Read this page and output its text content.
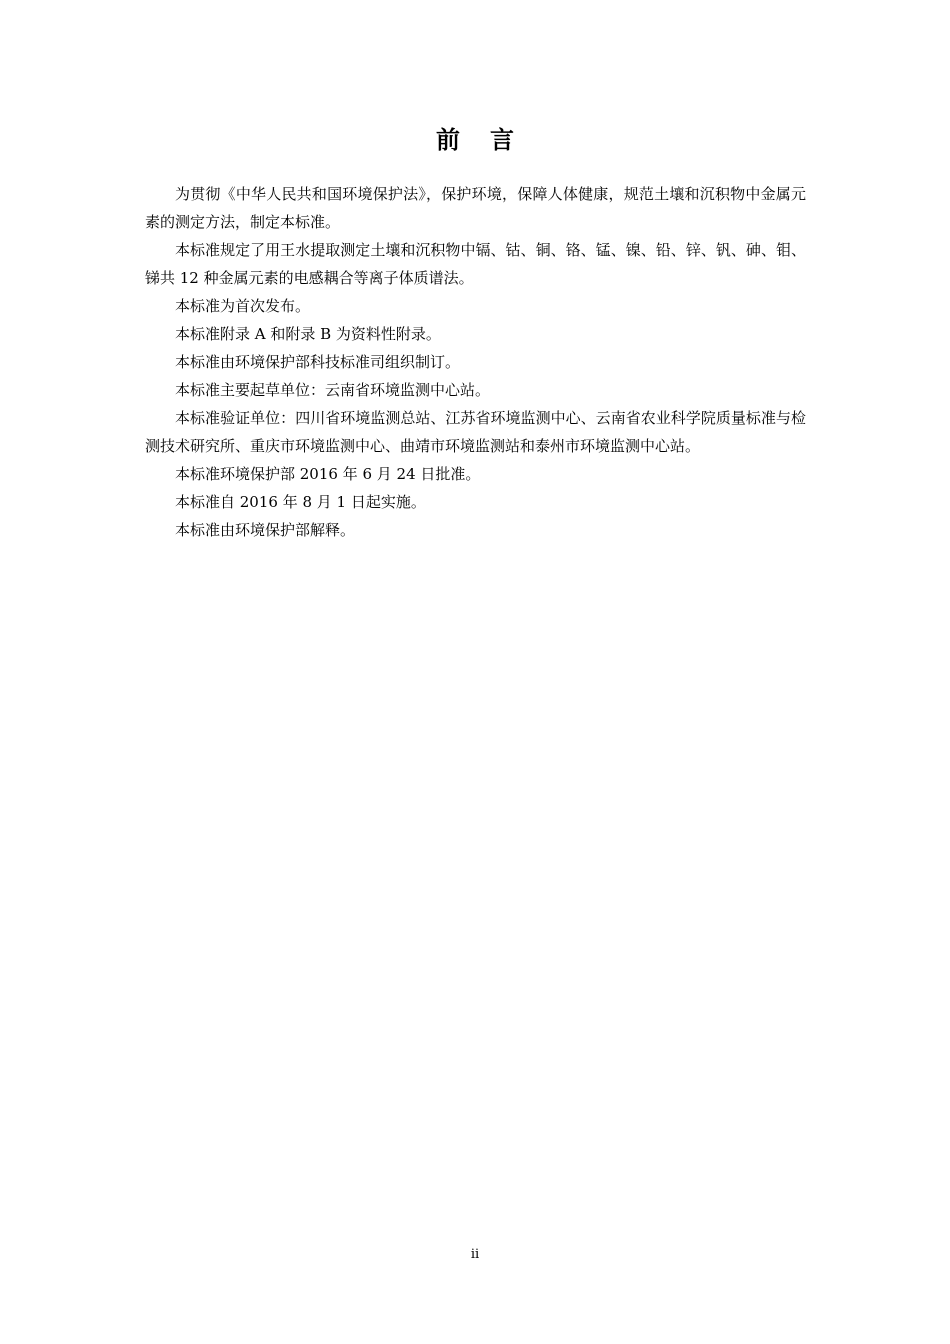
前言

为贯彻《中华人民共和国环境保护法》，保护环境，保障人体健康，规范土壤和沉积物中金属元素的测定方法，制定本标准。

本标准规定了用王水提取测定土壤和沉积物中镉、钴、铜、铬、锰、镍、铅、锌、钒、砷、钼、锑共 12 种金属元素的电感耦合等离子体质谱法。

本标准为首次发布。

本标准附录 A 和附录 B 为资料性附录。

本标准由环境保护部科技标准司组织制订。

本标准主要起草单位：云南省环境监测中心站。

本标准验证单位：四川省环境监测总站、江苏省环境监测中心、云南省农业科学院质量标准与检测技术研究所、重庆市环境监测中心、曲靖市环境监测站和泰州市环境监测中心站。

本标准环境保护部 2016 年 6 月 24 日批准。

本标准自 2016 年 8 月 1 日起实施。

本标准由环境保护部解释。

ii
